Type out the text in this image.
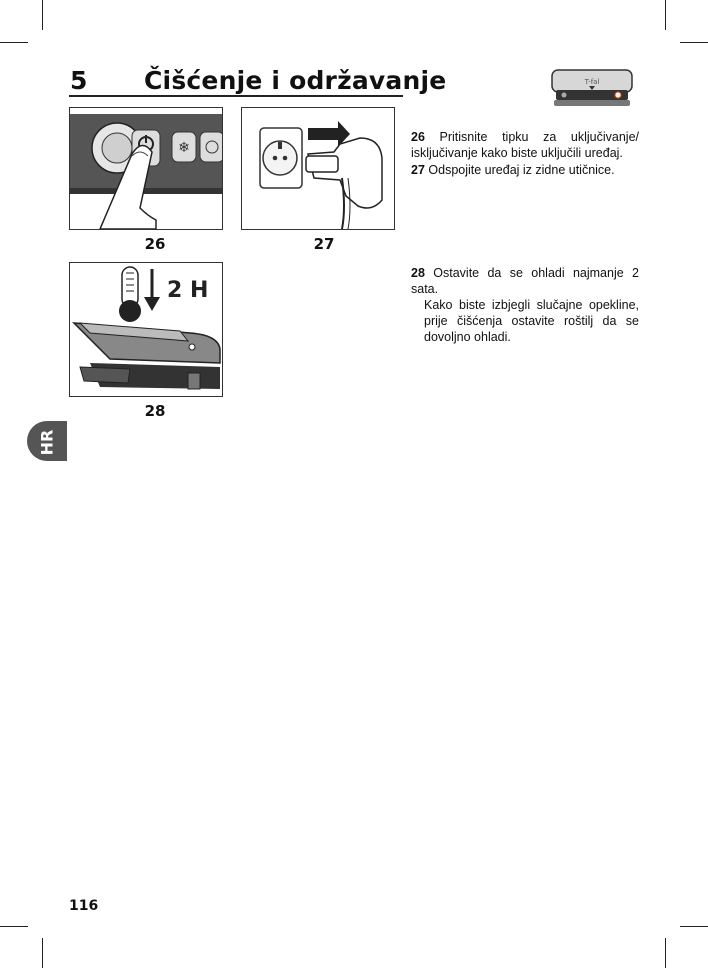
5 Čišćenje i održavanje	T-fal
❄
26	27
2 H
28

26 Pritisnite tipku za uključivanje/ isključivanje kako biste uključili uređaj.

27 Odspojite uređaj iz zidne utičnice.

28 Ostavite da se ohladi najmanje 2 sata.

Kako biste izbjegli slučajne opekline, prije čišćenja ostavite roštilj da se dovoljno ohladi.

HR
116
